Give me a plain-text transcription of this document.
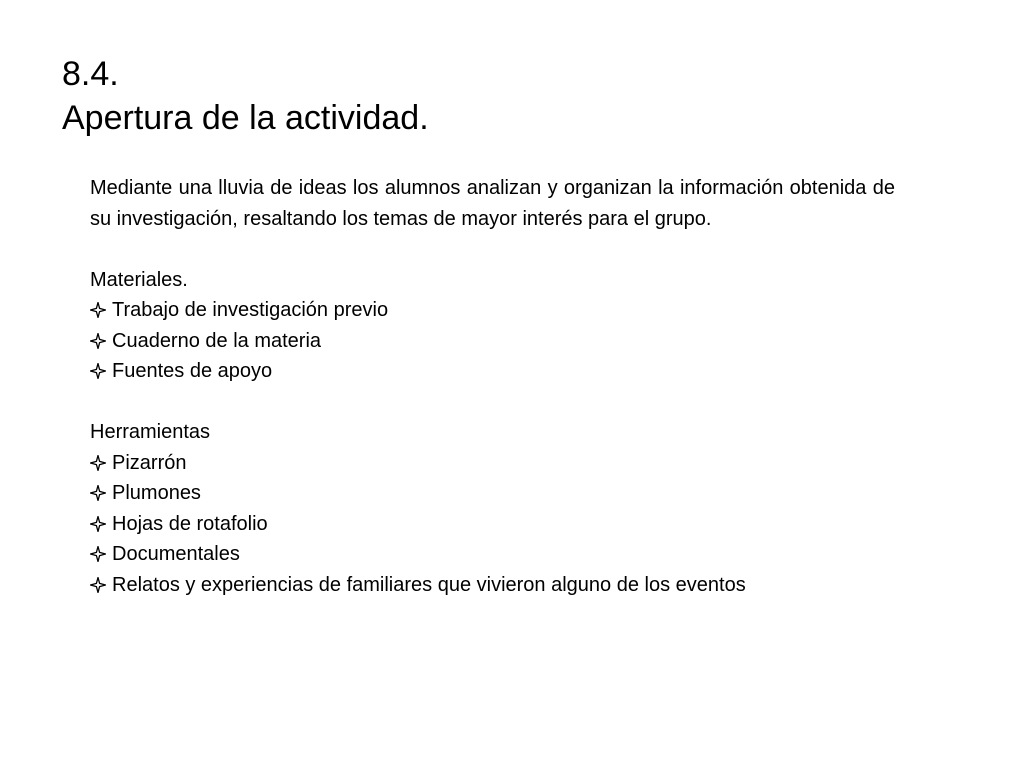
8.4.
Apertura de la actividad.

Mediante una lluvia de ideas los alumnos analizan y organizan la información obtenida de su investigación, resaltando los temas de mayor interés para el grupo.

Materiales.

Trabajo de investigación previo
Cuaderno de la materia
Fuentes de apoyo

Herramientas

Pizarrón
Plumones
Hojas de rotafolio
Documentales
Relatos y experiencias de familiares que vivieron alguno de los eventos
